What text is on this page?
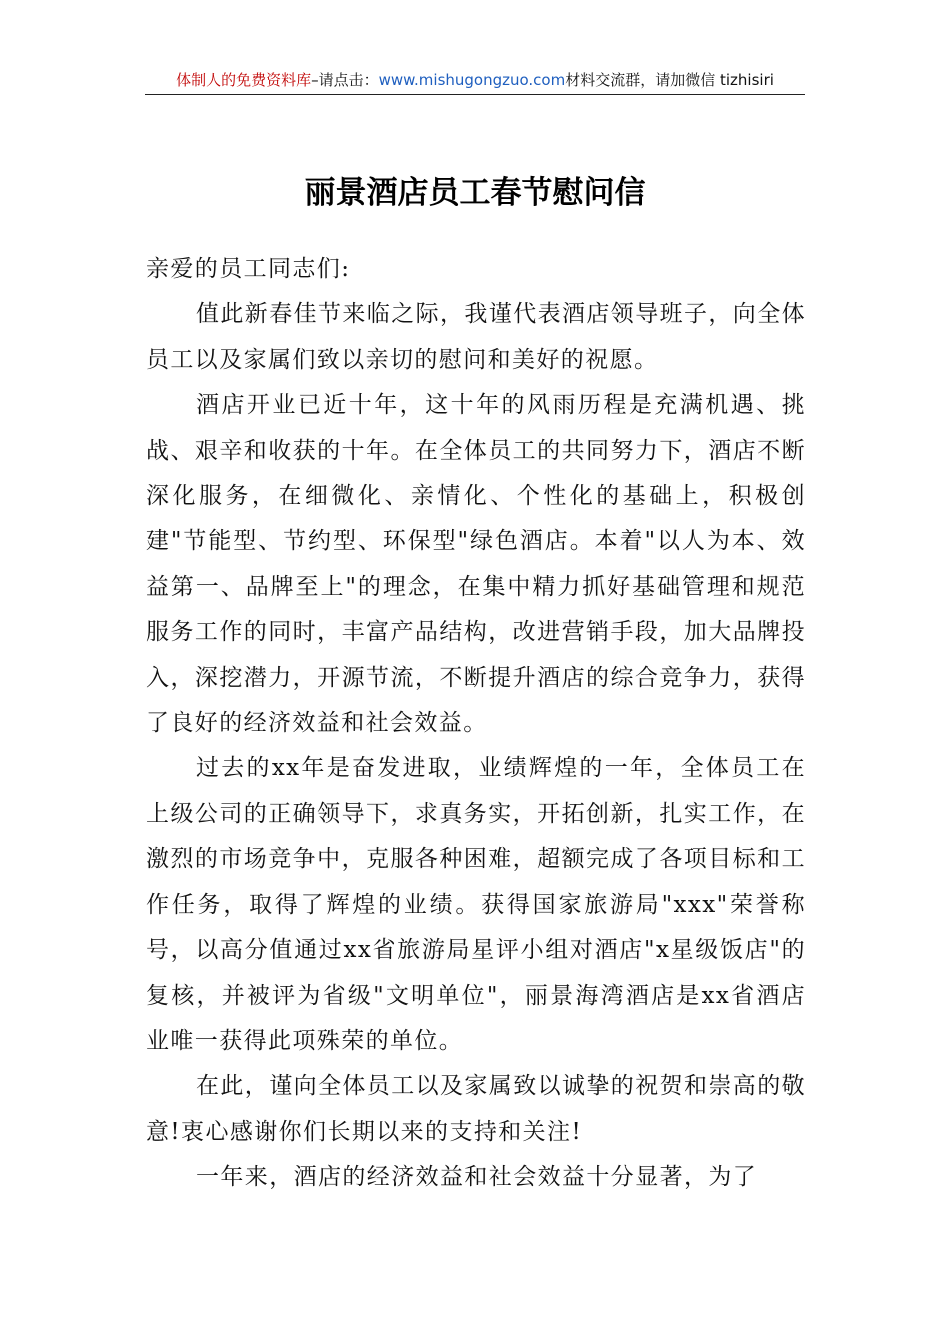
体制人的免费资料库–请点击：www.mishugongzuo.com材料交流群，请加微信 tizhisiri
丽景酒店员工春节慰问信

亲爱的员工同志们:

值此新春佳节来临之际，我谨代表酒店领导班子，向全体员工以及家属们致以亲切的慰问和美好的祝愿。

酒店开业已近十年，这十年的风雨历程是充满机遇、挑战、艰辛和收获的十年。在全体员工的共同努力下，酒店不断深化服务，在细微化、亲情化、个性化的基础上，积极创建"节能型、节约型、环保型"绿色酒店。本着"以人为本、效益第一、品牌至上"的理念，在集中精力抓好基础管理和规范服务工作的同时，丰富产品结构，改进营销手段，加大品牌投入，深挖潜力，开源节流，不断提升酒店的综合竞争力，获得了良好的经济效益和社会效益。

过去的xx年是奋发进取，业绩辉煌的一年，全体员工在上级公司的正确领导下，求真务实，开拓创新，扎实工作，在激烈的市场竞争中，克服各种困难，超额完成了各项目标和工作任务，取得了辉煌的业绩。获得国家旅游局"xxx"荣誉称号，以高分值通过xx省旅游局星评小组对酒店"x星级饭店"的复核，并被评为省级"文明单位"，丽景海湾酒店是xx省酒店业唯一获得此项殊荣的单位。

在此，谨向全体员工以及家属致以诚挚的祝贺和崇高的敬意!衷心感谢你们长期以来的支持和关注!

一年来，酒店的经济效益和社会效益十分显著，为了
